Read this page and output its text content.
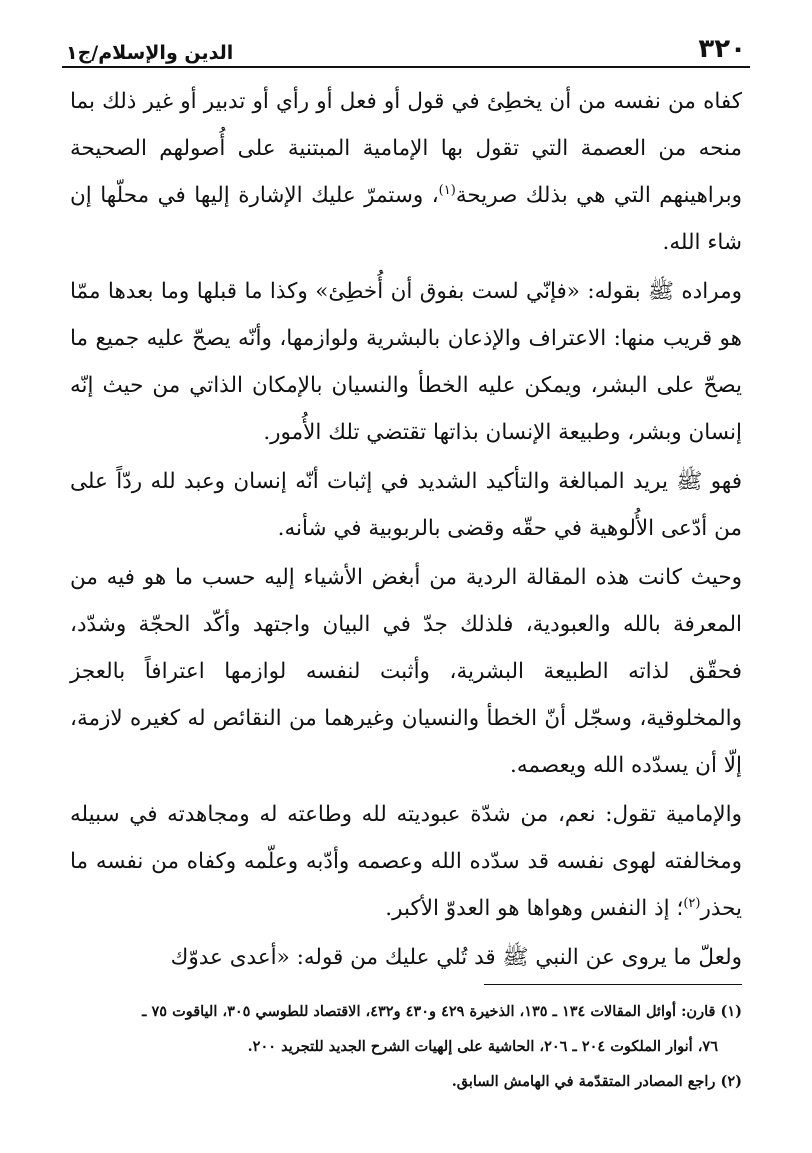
٣٢٠
الدين والإسلام/ج١

كفاه من نفسه من أن يخطِئ في قول أو فعل أو رأي أو تدبير أو غير ذلك بما منحه من العصمة التي تقول بها الإمامية المبتنية على أُصولهم الصحيحة وبراهينهم التي هي بذلك صريحة$^{(١)}$، وستمرّ عليك الإشارة إليها في محلّها إن شاء الله.

ومراده ﷺ بقوله: «فإنّي لست بفوق أن أُخطِئ» وكذا ما قبلها وما بعدها ممّا هو قريب منها: الاعتراف والإذعان بالبشرية ولوازمها، وأنّه يصحّ عليه جميع ما يصحّ على البشر، ويمكن عليه الخطأ والنسيان بالإمكان الذاتي من حيث إنّه إنسان وبشر، وطبيعة الإنسان بذاتها تقتضي تلك الأُمور.

فهو ﷺ يريد المبالغة والتأكيد الشديد في إثبات أنّه إنسان وعبد لله ردّاً على من أدّعى الأُلوهية في حقّه وقضى بالربوبية في شأنه.

وحيث كانت هذه المقالة الردية من أبغض الأشياء إليه حسب ما هو فيه من المعرفة بالله والعبودية، فلذلك جدّ في البيان واجتهد وأكّد الحجّة وشدّد، فحقّق لذاته الطبيعة البشرية، وأثبت لنفسه لوازمها اعترافاً بالعجز والمخلوقية، وسجّل أنّ الخطأ والنسيان وغيرهما من النقائص له كغيره لازمة، إلّا أن يسدّده الله ويعصمه.

والإمامية تقول: نعم، من شدّة عبوديته لله وطاعته له ومجاهدته في سبيله ومخالفته لهوى نفسه قد سدّده الله وعصمه وأدّبه وعلّمه وكفاه من نفسه ما يحذر$^{(٢)}$؛ إذ النفس وهواها هو العدوّ الأكبر.

ولعلّ ما يروى عن النبي ﷺ قد تُلي عليك من قوله: «أعدى عدوّك

(١) قارن: أوائل المقالات ١٣٤ ـ ١٣٥، الذخيرة ٤٢٩ و٤٣٠ و٤٣٢، الاقتصاد للطوسي ٣٠٥، الياقوت ٧٥ ـ

٧٦، أنوار الملكوت ٢٠٤ ـ ٢٠٦، الحاشية على إلهيات الشرح الجديد للتجريد ٢٠٠.

(٢) راجع المصادر المتقدّمة في الهامش السابق.
